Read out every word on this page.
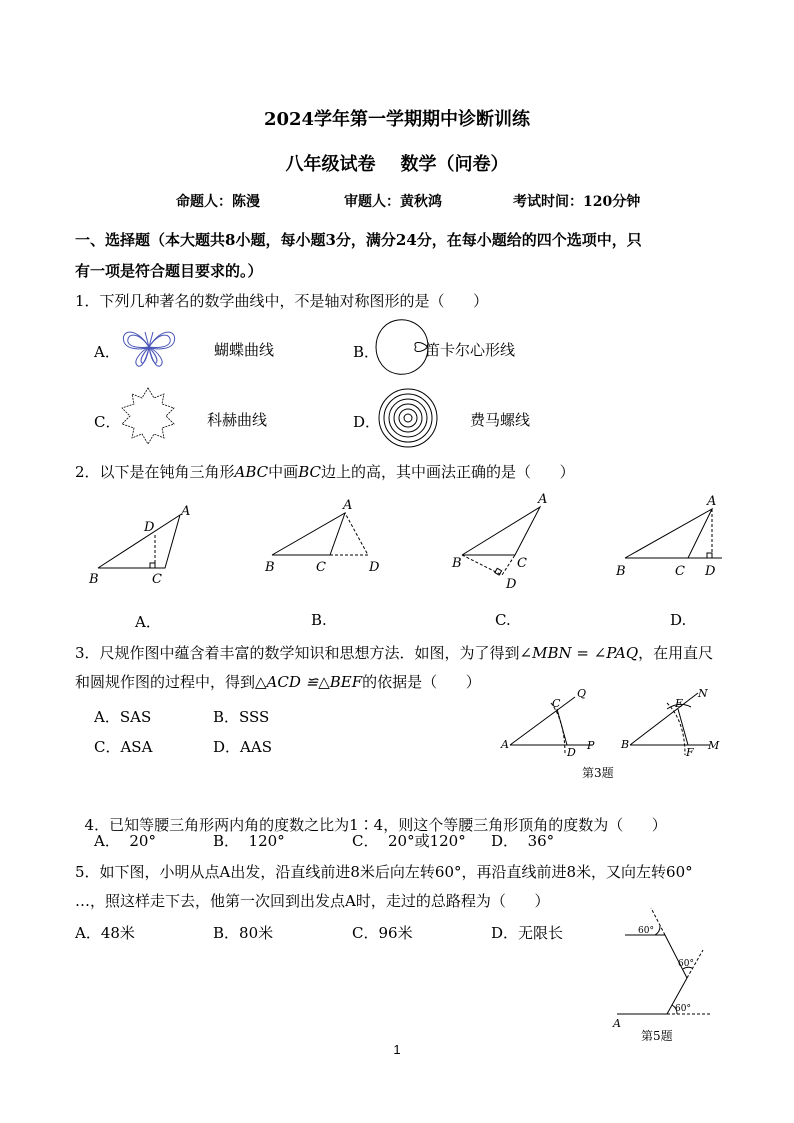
2024学年第一学期期中诊断训练
八年级试卷    数学（问卷）
命题人：陈漫	审题人：黄秋鸿	考试时间：120分钟
一、选择题（本大题共8小题，每小题3分，满分24分，在每小题给的四个选项中，只
有一项是符合题目要求的。）
1．下列几种著名的数学曲线中，不是轴对称图形的是（      ）
A．	蝴蝶曲线	B．	笛卡尔心形线
C．	科赫曲线	D．	费马螺线
2．以下是在钝角三角形ABC中画BC边上的高，其中画法正确的是（      ）
A
D
B	C
A
B	C	D
A
B	C
D
A
B	C D
A．	B.	C.	D.
3．尺规作图中蕴含着丰富的数学知识和思想方法．如图，为了得到∠MBN = ∠PAQ，在用直尺
和圆规作图的过程中，得到△ACD ≌△BEF的依据是（      ）
A．SAS	B．SSS
C．ASA	D．AAS	A
C
Q
D
P B
E
N
F
M
第3题

4．已知等腰三角形两内角的度数之比为1∶4，则这个等腰三角形顶角的度数为（      ）

A．  20°	B．  120°	C．  20°或120° D．  36°
5．如下图，小明从点A出发，沿直线前进8米后向左转60°，再沿直线前进8米，又向左转60°
…，照这样走下去，他第一次回到出发点A时，走过的总路程为（      ）
A．48米	B．80米	C．96米	D．无限长	60°
60°
60°
A
第5题
1
